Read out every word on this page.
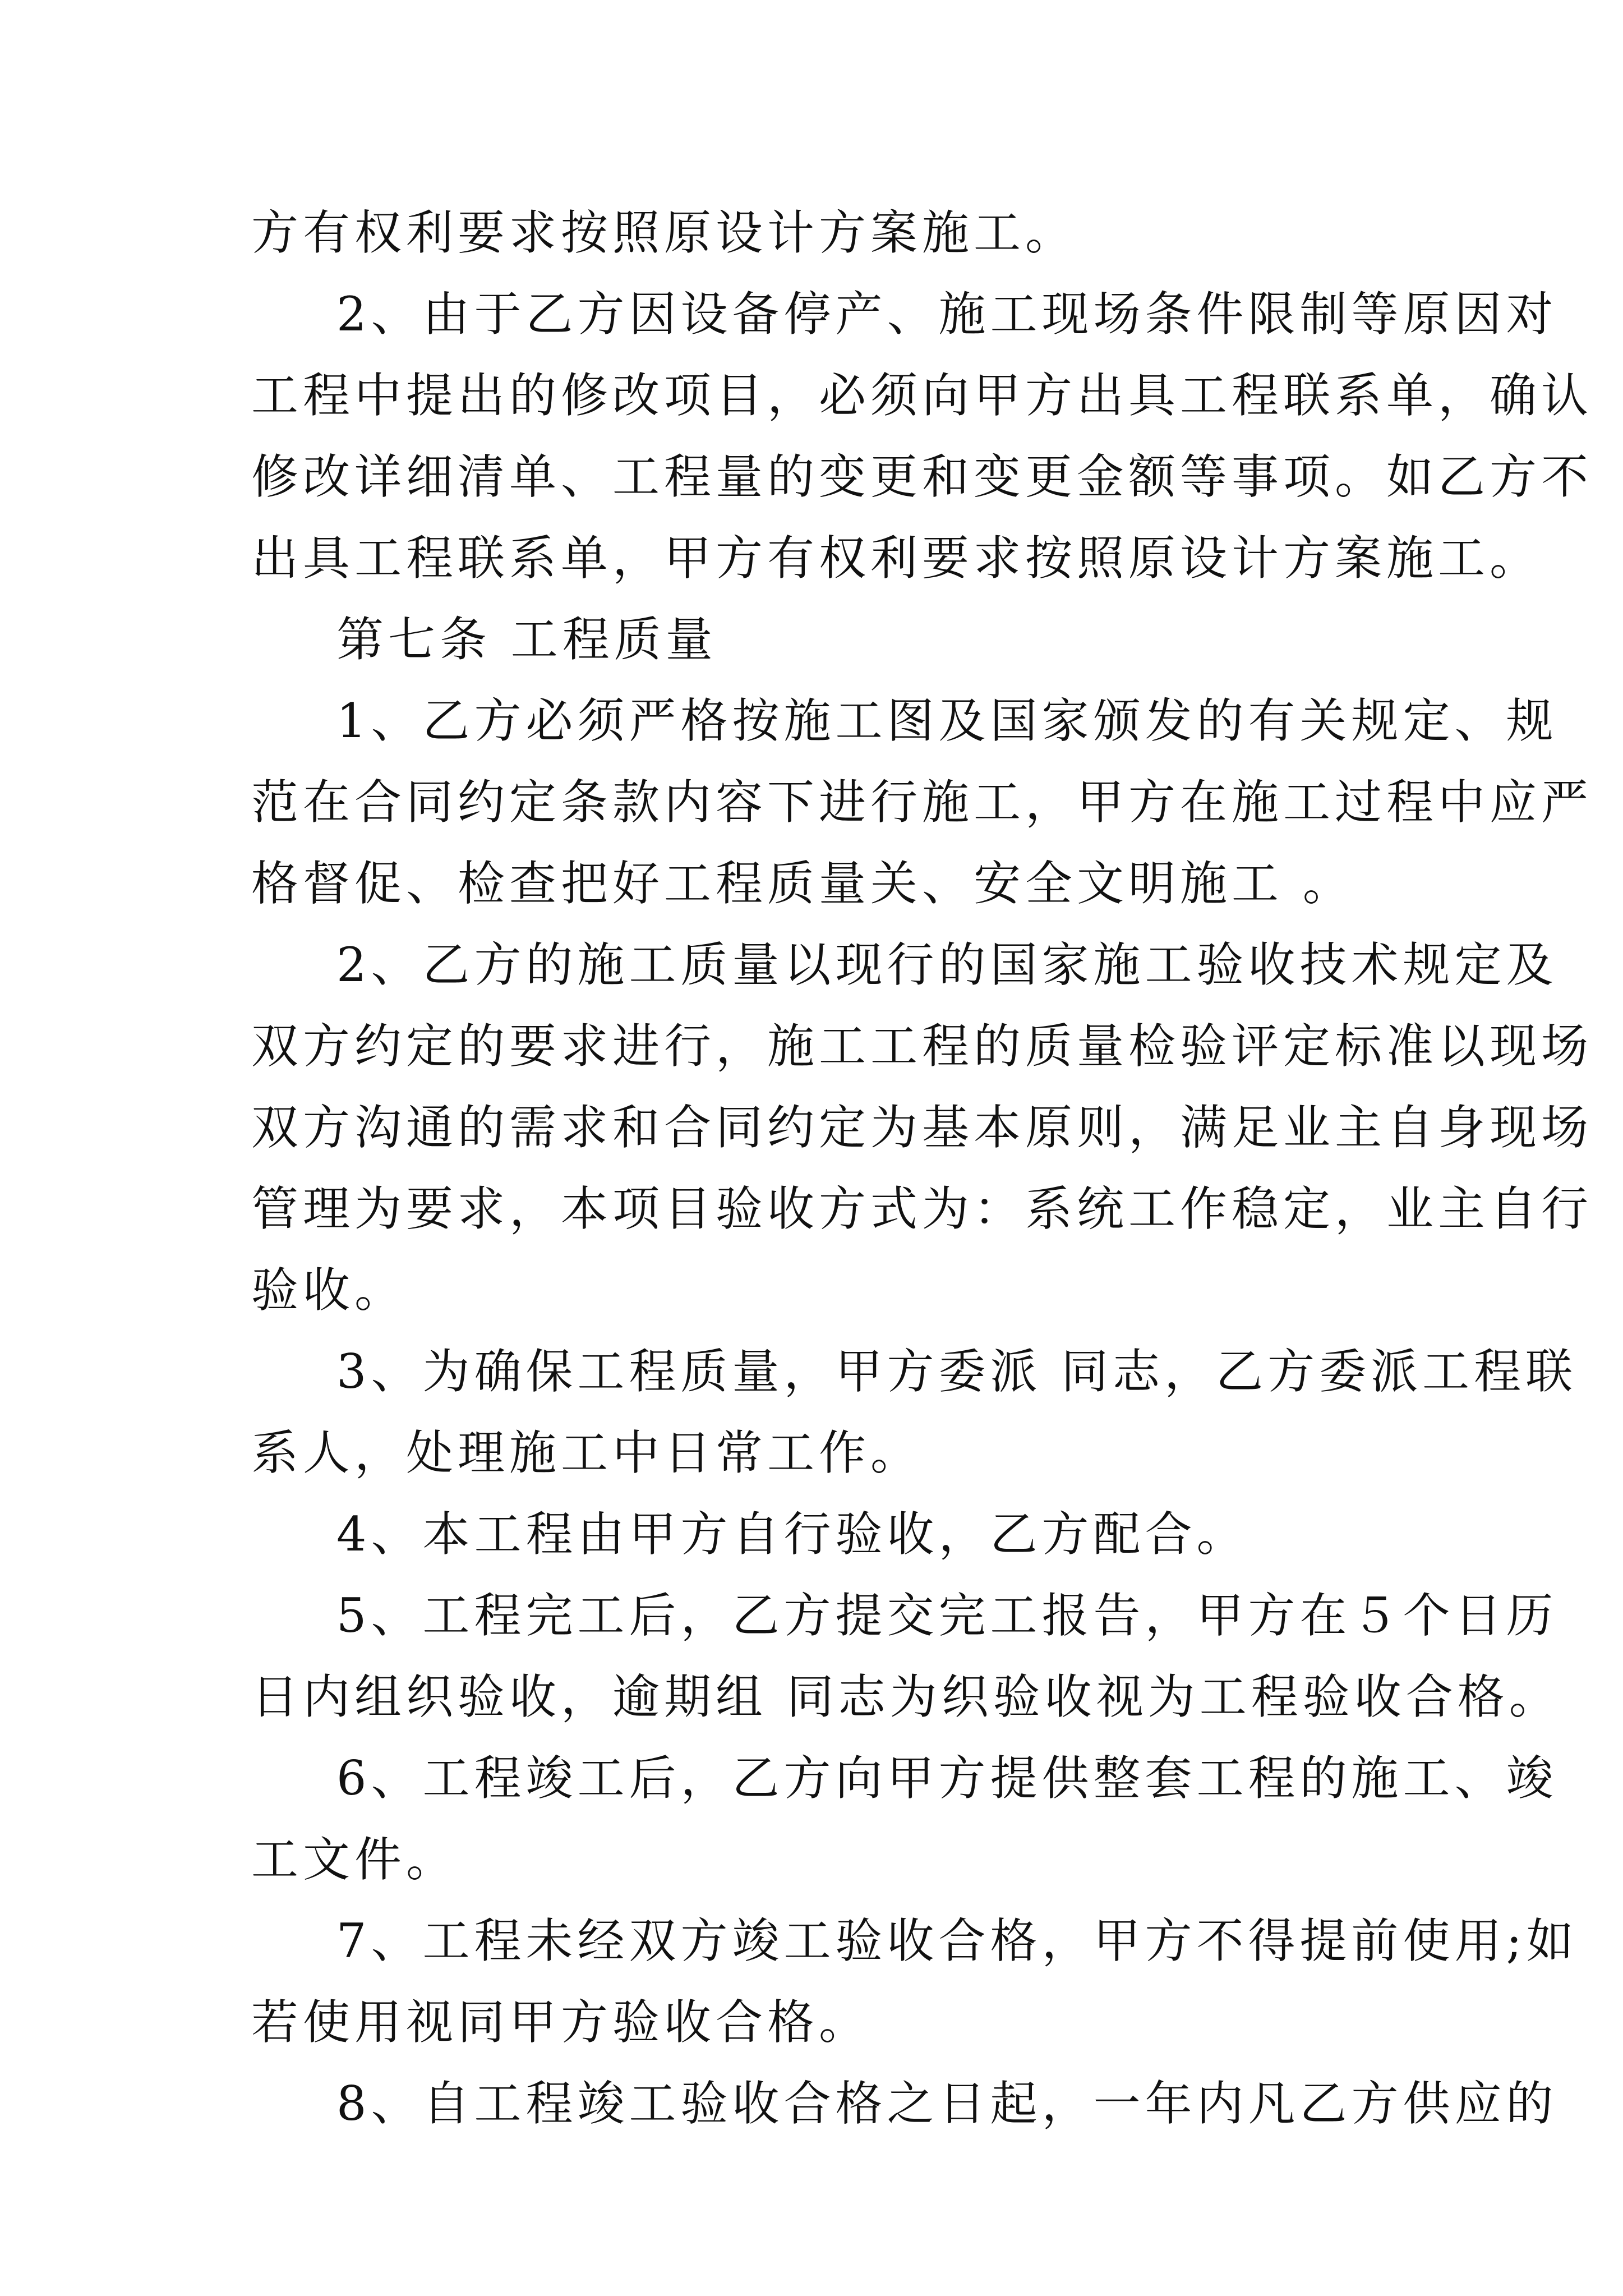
方有权利要求按照原设计方案施工。
2、由于乙方因设备停产、施工现场条件限制等原因对
工程中提出的修改项目，必须向甲方出具工程联系单，确认
修改详细清单、工程量的变更和变更金额等事项。如乙方不
出具工程联系单，甲方有权利要求按照原设计方案施工。
第七条 工程质量
1、乙方必须严格按施工图及国家颁发的有关规定、规
范在合同约定条款内容下进行施工，甲方在施工过程中应严
格督促、检查把好工程质量关、安全文明施工 。
2、乙方的施工质量以现行的国家施工验收技术规定及
双方约定的要求进行，施工工程的质量检验评定标准以现场
双方沟通的需求和合同约定为基本原则，满足业主自身现场
管理为要求，本项目验收方式为：系统工作稳定，业主自行
验收。
3、为确保工程质量，甲方委派 同志，乙方委派工程联
系人，处理施工中日常工作。
4、本工程由甲方自行验收，乙方配合。
5、工程完工后，乙方提交完工报告，甲方在５个日历
日内组织验收，逾期组 同志为织验收视为工程验收合格。
6、工程竣工后，乙方向甲方提供整套工程的施工、竣
工文件。
7、工程未经双方竣工验收合格，甲方不得提前使用;如
若使用视同甲方验收合格。
8、自工程竣工验收合格之日起，一年内凡乙方供应的
